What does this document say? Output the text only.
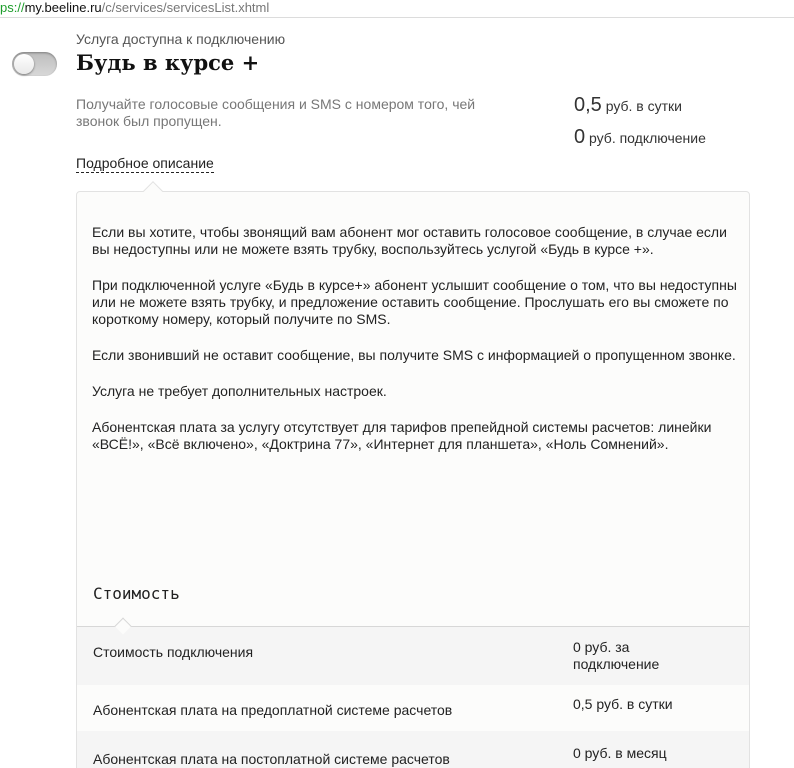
ps://my.beeline.ru/c/services/servicesList.xhtml
Услуга доступна к подключению
Будь в курсе +
Получайте голосовые сообщения и SMS с номером того, чей звонок был пропущен.
0,5 руб. в сутки
0 руб. подключение
Подробное описание

Если вы хотите, чтобы звонящий вам абонент мог оставить голосовое сообщение, в случае если вы недоступны или не можете взять трубку, воспользуйтесь услугой «Будь в курсе +».

При подключенной услуге «Будь в курсе+» абонент услышит сообщение о том, что вы недоступны или не можете взять трубку, и предложение оставить сообщение. Прослушать его вы сможете по короткому номеру, который получите по SMS.

Если звонивший не оставит сообщение, вы получите SMS с информацией о пропущенном звонке.

Услуга не требует дополнительных настроек.

Абонентская плата за услугу отсутствует для тарифов препейдной системы расчетов: линейки «ВСЁ!», «Всё включено», «Доктрина 77», «Интернет для планшета», «Ноль Сомнений».

Стоимость
Стоимость подключения	0 руб. за подключение
Абонентская плата на предоплатной системе расчетов	0,5 руб. в сутки
Абонентская плата на постоплатной системе расчетов	0 руб. в месяц
